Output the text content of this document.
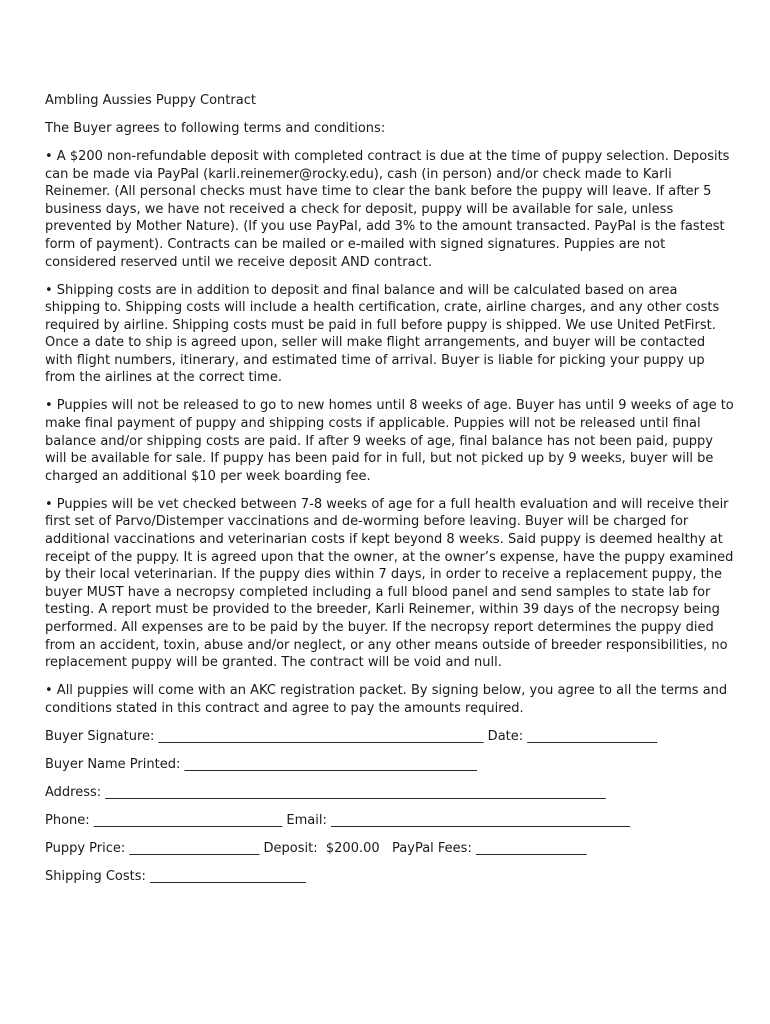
Ambling Aussies Puppy Contract

The Buyer agrees to following terms and conditions:

• A $200 non-refundable deposit with completed contract is due at the time of puppy selection. Deposits can be made via PayPal (karli.reinemer@rocky.edu), cash (in person) and/or check made to Karli Reinemer. (All personal checks must have time to clear the bank before the puppy will leave. If after 5 business days, we have not received a check for deposit, puppy will be available for sale, unless prevented by Mother Nature). (If you use PayPal, add 3% to the amount transacted. PayPal is the fastest form of payment). Contracts can be mailed or e-mailed with signed signatures. Puppies are not considered reserved until we receive deposit AND contract.

• Shipping costs are in addition to deposit and final balance and will be calculated based on area shipping to. Shipping costs will include a health certification, crate, airline charges, and any other costs required by airline. Shipping costs must be paid in full before puppy is shipped. We use United PetFirst. Once a date to ship is agreed upon, seller will make flight arrangements, and buyer will be contacted with flight numbers, itinerary, and estimated time of arrival. Buyer is liable for picking your puppy up from the airlines at the correct time.

• Puppies will not be released to go to new homes until 8 weeks of age. Buyer has until 9 weeks of age to make final payment of puppy and shipping costs if applicable. Puppies will not be released until final balance and/or shipping costs are paid. If after 9 weeks of age, final balance has not been paid, puppy will be available for sale. If puppy has been paid for in full, but not picked up by 9 weeks, buyer will be charged an additional $10 per week boarding fee.

• Puppies will be vet checked between 7-8 weeks of age for a full health evaluation and will receive their first set of Parvo/Distemper vaccinations and de-worming before leaving. Buyer will be charged for additional vaccinations and veterinarian costs if kept beyond 8 weeks. Said puppy is deemed healthy at receipt of the puppy. It is agreed upon that the owner, at the owner’s expense, have the puppy examined by their local veterinarian. If the puppy dies within 7 days, in order to receive a replacement puppy, the buyer MUST have a necropsy completed including a full blood panel and send samples to state lab for testing. A report must be provided to the breeder, Karli Reinemer, within 39 days of the necropsy being performed. All expenses are to be paid by the buyer. If the necropsy report determines the puppy died from an accident, toxin, abuse and/or neglect, or any other means outside of breeder responsibilities, no replacement puppy will be granted. The contract will be void and null.

• All puppies will come with an AKC registration packet. By signing below, you agree to all the terms and conditions stated in this contract and agree to pay the amounts required.

Buyer Signature: __________________________________________________ Date: ____________________
Buyer Name Printed: _____________________________________________
Address: _____________________________________________________________________________
Phone: _____________________________ Email: ______________________________________________
Puppy Price: ____________________ Deposit:  $200.00   PayPal Fees: _________________
Shipping Costs: ________________________
